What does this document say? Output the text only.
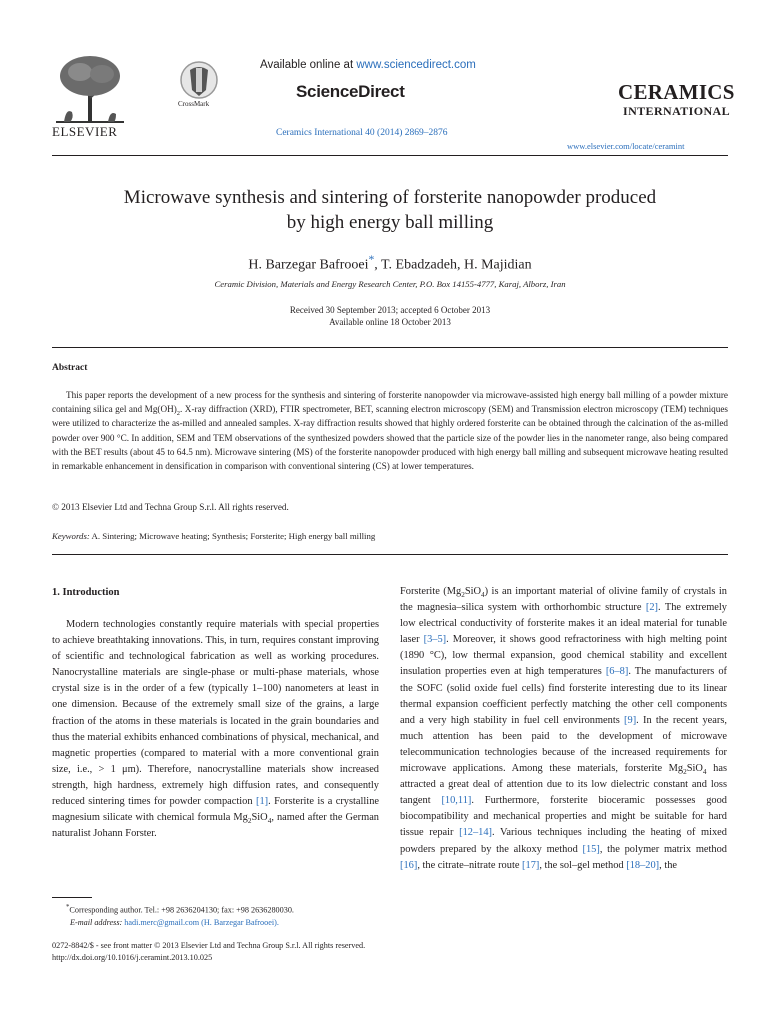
ELSEVIER
CrossMark
Available online at www.sciencedirect.com
ScienceDirect
Ceramics International 40 (2014) 2869–2876
CERAMICS
INTERNATIONAL
www.elsevier.com/locate/ceramint
Microwave synthesis and sintering of forsterite nanopowder produced
by high energy ball milling
H. Barzegar Bafrooei*, T. Ebadzadeh, H. Majidian
Ceramic Division, Materials and Energy Research Center, P.O. Box 14155-4777, Karaj, Alborz, Iran
Received 30 September 2013; accepted 6 October 2013
Available online 18 October 2013
Abstract
This paper reports the development of a new process for the synthesis and sintering of forsterite nanopowder via microwave-assisted high energy ball milling of a powder mixture containing silica gel and $Mg(OH)_2$. X-ray diffraction (XRD), FTIR spectrometer, BET, scanning electron microscopy (SEM) and Transmission electron microscopy (TEM) techniques were utilized to characterize the as-milled and annealed samples. X-ray diffraction results showed that highly ordered forsterite can be obtained through the calcination of the as-milled powder over 900 °C. In addition, SEM and TEM observations of the synthesized powders showed that the particle size of the powder lies in the nanometer range, also being compared with the BET results (about 45 to 64.5 nm). Microwave sintering (MS) of the forsterite nanopowder produced with high energy ball milling and subsequent microwave heating resulted in remarkable enhancement in densification in comparison with conventional sintering (CS) at lower temperatures.
© 2013 Elsevier Ltd and Techna Group S.r.l. All rights reserved.
Keywords: A. Sintering; Microwave heating; Synthesis; Forsterite; High energy ball milling
1. Introduction
Modern technologies constantly require materials with special properties to achieve breathtaking innovations. This, in turn, requires constant improving of scientific and technological fabrication as well as working procedures. Nanocrystalline materials are single-phase or multi-phase materials, whose crystal size is in the order of a few (typically 1–100) nanometers at least in one dimension. Because of the extremely small size of the grains, a large fraction of the atoms in these materials is located in the grain boundaries and thus the material exhibits enhanced combinations of physical, mechanical, and magnetic properties (compared to material with a more conventional grain size, i.e., > 1 μm). Therefore, nanocrystalline materials show increased strength, high hardness, extremely high diffusion rates, and consequently reduced sintering times for powder compaction [1]. Forsterite is a crystalline magnesium silicate with chemical formula $Mg_2SiO_4$, named after the German naturalist Johann Forster.
Forsterite $(Mg_2SiO_4)$ is an important material of olivine family of crystals in the magnesia–silica system with orthorhombic structure [2]. The extremely low electrical conductivity of forsterite makes it an ideal material for tunable laser [3–5]. Moreover, it shows good refractoriness with high melting point (1890 °C), low thermal expansion, good chemical stability and excellent insulation properties even at high temperatures [6–8]. The manufacturers of the SOFC (solid oxide fuel cells) find forsterite interesting due to its linear thermal expansion coefficient perfectly matching the other cell components and a very high stability in fuel cell environments [9]. In the recent years, much attention has been paid to the development of microwave telecommunication technologies because of the increased requirements for microwave applications. Among these materials, forsterite $Mg_2SiO_4$ has attracted a great deal of attention due to its low dielectric constant and loss tangent [10,11]. Furthermore, forsterite bioceramic possesses good biocompatibility and mechanical properties and might be suitable for hard tissue repair [12–14]. Various techniques including the heating of mixed powders prepared by the alkoxy method [15], the polymer matrix method [16], the citrate–nitrate route [17], the sol–gel method [18–20], the
*Corresponding author. Tel.: +98 2636204130; fax: +98 2636280030.
E-mail address: hadi.merc@gmail.com (H. Barzegar Bafrooei).
0272-8842/$ - see front matter © 2013 Elsevier Ltd and Techna Group S.r.l. All rights reserved.
http://dx.doi.org/10.1016/j.ceramint.2013.10.025
